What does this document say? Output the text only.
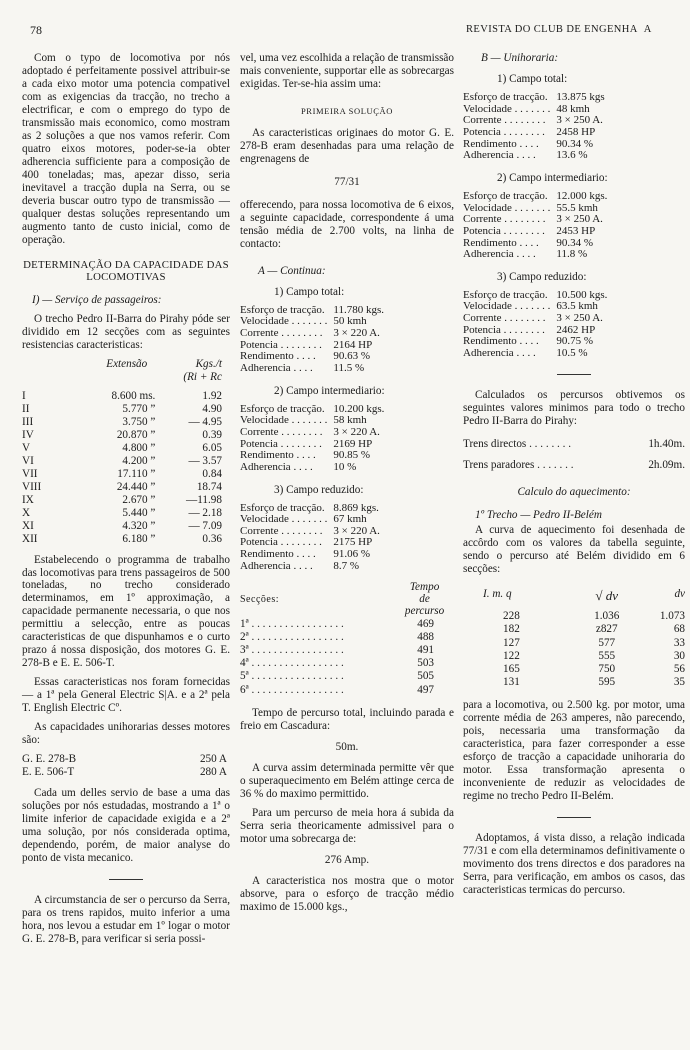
78	REVISTA DO CLUB DE ENGENHA  A

Com o typo de locomotiva por nós adoptado é perfeitamente possivel attribuir-se a cada eixo motor uma potencia compativel com as exigencias da tracção, no trecho a electrificar, e com o emprego do typo de transmissão mais economico, como mostram as 2 soluções a que nos vamos referir. Com quatro eixos motores, poder-se-ia obter adherencia sufficiente para a composição de 400 toneladas; mas, apezar disso, seria inevitavel a tracção dupla na Serra, ou se deveria buscar outro typo de transmissão — qualquer destas soluções representando um augmento tanto de custo inicial, como de operação.

DETERMINAÇÃO DA CAPACIDADE DAS LOCOMOTIVAS

I) — Serviço de passageiros:

O trecho Pedro II-Barra do Pirahy póde ser dividido em 12 secções com as seguintes resistencias caracteristicas:

	Extensão	Kgs./t
		(Ri + Rc
I	8.600 ms.	1.92
II	5.770 ”	4.90
III	3.750 ”	— 4.95
IV	20.870 ”	0.39
V	4.800 ”	6.05
VI	4.200 ”	— 3.57
VII	17.110 ”	0.84
VIII	24.440 ”	18.74
IX	2.670 ”	—11.98
X	5.440 ”	— 2.18
XI	4.320 ”	— 7.09
XII	6.180 ”	0.36

Estabelecendo o programma de trabalho das locomotivas para trens passageiros de 500 toneladas, no trecho considerado determinamos, em 1º approximação, a capacidade permanente necessaria, o que nos permittiu a selecção, entre as poucas caracteristicas de que dispunhamos e o curto prazo á nossa disposição, dos motores G. E. 278-B e E. E. 506-T.

Essas caracteristicas nos foram fornecidas — a 1ª pela General Electric S|A. e a 2ª pela T. English Electric Cº.

As capacidades unihorarias desses motores são:

G. E. 278-B	250 A
E. E. 506-T	280 A

Cada um delles servio de base a uma das soluções por nós estudadas, mostrando a 1ª o limite inferior de capacidade exigida e a 2ª uma solução, por nós considerada optima, dependendo, porém, de maior analyse do ponto de vista mecanico.

A circumstancia de ser o percurso da Serra, para os trens rapidos, muito inferior a uma hora, nos levou a estudar em 1º logar o motor G. E. 278-B, para verificar si seria possi-

vel, uma vez escolhida a relação de transmissão mais conveniente, supportar elle as sobrecargas exigidas. Ter-se-hia assim uma:

PRIMEIRA SOLUÇÃO

As caracteristicas originaes do motor G. E. 278-B eram desenhadas para uma relação de engrenagens de

77/31

offerecendo, para nossa locomotiva de 6 eixos, a seguinte capacidade, correspondente á uma tensão média de 2.700 volts, na linha de contacto:

A — Continua:
1) Campo total:
Esforço de tracção.	11.780 kgs.
Velocidade . . . . . . .	50 kmh
Corrente . . . . . . . .	3 × 220 A.
Potencia . . . . . . . .	2164 HP
Rendimento . . . .	90.63 %
Adherencia . . . .	11.5 %
2) Campo intermediario:
Esforço de tracção.	10.200 kgs.
Velocidade . . . . . . .	58 kmh
Corrente . . . . . . . .	3 × 220 A.
Potencia . . . . . . . .	2169 HP
Rendimento . . . .	90.85 %
Adherencia . . . .	10 %
3) Campo reduzido:
Esforço de tracção.	8.869 kgs.
Velocidade . . . . . . .	67 kmh
Corrente . . . . . . . .	3 × 220 A.
Potencia . . . . . . . .	2175 HP
Rendimento . . . .	91.06 %
Adherencia . . . .	8.7 %
Secções:	Tempo
de
percurso

1ª . . . . . . . . . . . . . . . . .	469
2ª . . . . . . . . . . . . . . . . .	488
3ª . . . . . . . . . . . . . . . . .	491
4ª . . . . . . . . . . . . . . . . .	503
5ª . . . . . . . . . . . . . . . . .	505
6ª . . . . . . . . . . . . . . . . .	497

Tempo de percurso total, incluindo parada e freio em Cascadura:

50m.

A curva assim determinada permitte vêr que o superaquecimento em Belém attinge cerca de 36 % do maximo permittido.

Para um percurso de meia hora á subida da Serra seria theoricamente admissivel para o motor uma sobrecarga de:

276 Amp.

A caracteristica nos mostra que o motor absorve, para o esforço de tracção médio maximo de 15.000 kgs.,

B — Unihoraria:
1) Campo total:
Esforço de tracção.	13.875 kgs
Velocidade . . . . . . .	48 kmh
Corrente . . . . . . . .	3 × 250 A.
Potencia . . . . . . . .	2458 HP
Rendimento . . . .	90.34 %
Adherencia . . . .	13.6 %
2) Campo intermediario:
Esforço de tracção.	12.000 kgs.
Velocidade . . . . . . .	55.5 kmh
Corrente . . . . . . . .	3 × 250 A.
Potencia . . . . . . . .	2453 HP
Rendimento . . . .	90.34 %
Adherencia . . . .	11.8 %
3) Campo reduzido:
Esforço de tracção.	10.500 kgs.
Velocidade . . . . . . .	63.5 kmh
Corrente . . . . . . . .	3 × 250 A.
Potencia . . . . . . . .	2462 HP
Rendimento . . . .	90.75 %
Adherencia . . . .	10.5 %

Calculados os percursos obtivemos os seguintes valores minimos para todo o trecho Pedro II-Barra do Pirahy:

Trens directos . . . . . . . .	1h.40m.
Trens paradores . . . . . . .	2h.09m.
Calculo do aquecimento:
1º Trecho — Pedro II-Belém

A curva de aquecimento foi desenhada de accôrdo com os valores da tabella seguinte, sendo o percurso até Belém dividido em 6 secções:

I. m. q	√ dv	dv
228	1.036	1.073
182	z827	68
127	577	33
122	555	30
165	750	56
131	595	35

para a locomotiva, ou 2.500 kg. por motor, uma corrente média de 263 amperes, não parecendo, pois, necessaria uma transformação da caracteristica, para fazer corresponder a esse esforço de tracção a capacidade unihoraria do motor. Essa transformação apresenta o inconveniente de reduzir as velocidades de regime no trecho Pedro II-Belém.

Adoptamos, á vista disso, a relação indicada 77/31 e com ella determinamos definitivamente o movimento dos trens directos e dos paradores na Serra, para verificação, em ambos os casos, das caracteristicas termicas do percurso.
